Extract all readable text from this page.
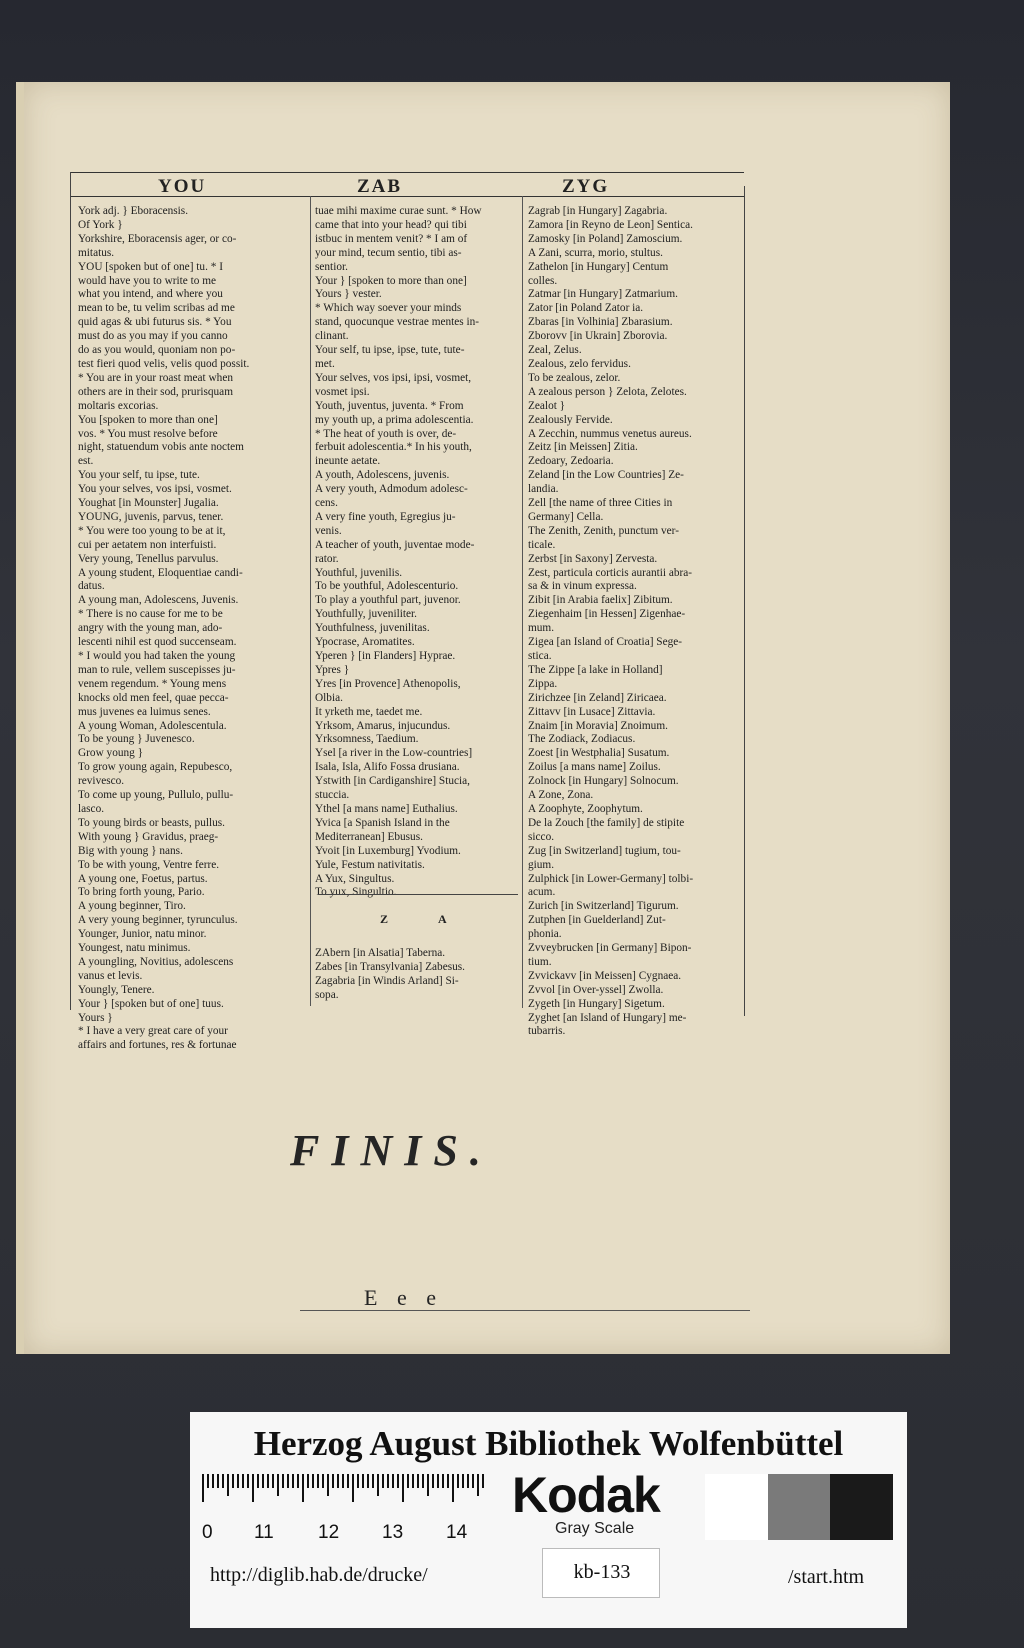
YOU	ZAB	ZYG
York adj. } Eboracensis.
Of York }
Yorkshire, Eboracensis ager, or co-
mitatus.
YOU [spoken but of one] tu. * I
would have you to write to me
what you intend, and where you
mean to be, tu velim scribas ad me
quid agas & ubi futurus sis. * You
must do as you may if you canno
do as you would, quoniam non po-
test fieri quod velis, velis quod possit.
* You are in your roast meat when
others are in their sod, prurisquam
moltaris excorias.
You [spoken to more than one]
vos. * You must resolve before
night, statuendum vobis ante noctem
est.
You your self, tu ipse, tute.
You your selves, vos ipsi, vosmet.
Youghat [in Mounster] Jugalia.
YOUNG, juvenis, parvus, tener.
* You were too young to be at it,
cui per aetatem non interfuisti.
Very young, Tenellus parvulus.
A young student, Eloquentiae candi-
datus.
A young man, Adolescens, Juvenis.
* There is no cause for me to be
angry with the young man, ado-
lescenti nihil est quod succenseam.
* I would you had taken the young
man to rule, vellem suscepisses ju-
venem regendum. * Young mens
knocks old men feel, quae pecca-
mus juvenes ea luimus senes.
A young Woman, Adolescentula.
To be young } Juvenesco.
Grow young }
To grow young again, Repubesco,
revivesco.
To come up young, Pullulo, pullu-
lasco.
To young birds or beasts, pullus.
With young } Gravidus, praeg-
Big with young } nans.
To be with young, Ventre ferre.
A young one, Foetus, partus.
To bring forth young, Pario.
A young beginner, Tiro.
A very young beginner, tyrunculus.
Younger, Junior, natu minor.
Youngest, natu minimus.
A youngling, Novitius, adolescens
vanus et levis.
Youngly, Tenere.
Your } [spoken but of one] tuus.
Yours }
* I have a very great care of your
affairs and fortunes, res & fortunae
tuae mihi maxime curae sunt. * How
came that into your head? qui tibi
istbuc in mentem venit? * I am of
your mind, tecum sentio, tibi as-
sentior.
Your } [spoken to more than one]
Yours } vester.
* Which way soever your minds
stand, quocunque vestrae mentes in-
clinant.
Your self, tu ipse, ipse, tute, tute-
met.
Your selves, vos ipsi, ipsi, vosmet,
vosmet ipsi.
Youth, juventus, juventa. * From
my youth up, a prima adolescentia.
* The heat of youth is over, de-
ferbuit adolescentia.* In his youth,
ineunte aetate.
A youth, Adolescens, juvenis.
A very youth, Admodum adolesc-
cens.
A very fine youth, Egregius ju-
venis.
A teacher of youth, juventae mode-
rator.
Youthful, juvenilis.
To be youthful, Adolescenturio.
To play a youthful part, juvenor.
Youthfully, juveniliter.
Youthfulness, juvenilitas.
Ypocrase, Aromatites.
Yperen } [in Flanders] Hyprae.
Ypres }
Yres [in Provence] Athenopolis,
Olbia.
It yrketh me, taedet me.
Yrksom, Amarus, injucundus.
Yrksomness, Taedium.
Ysel [a river in the Low-countries]
Isala, Isla, Alifo Fossa drusiana.
Ystwith [in Cardiganshire] Stucia,
stuccia.
Ythel [a mans name] Euthalius.
Yvica [a Spanish Island in the
Mediterranean] Ebusus.
Yvoit [in Luxemburg] Yvodium.
Yule, Festum nativitatis.
A Yux, Singultus.
To yux, Singultio.
Zagrab [in Hungary] Zagabria.
Zamora [in Reyno de Leon] Sentica.
Zamosky [in Poland] Zamoscium.
A Zani, scurra, morio, stultus.
Zathelon [in Hungary] Centum
colles.
Zatmar [in Hungary] Zatmarium.
Zator [in Poland Zator ia.
Zbaras [in Volhinia] Zbarasium.
Zborovv [in Ukrain] Zborovia.
Zeal, Zelus.
Zealous, zelo fervidus.
To be zealous, zelor.
A zealous person } Zelota, Zelotes.
Zealot }
Zealously Fervide.
A Zecchin, nummus venetus aureus.
Zeitz [in Meissen] Zitia.
Zedoary, Zedoaria.
Zeland [in the Low Countries] Ze-
landia.
Zell [the name of three Cities in
Germany] Cella.
The Zenith, Zenith, punctum ver-
ticale.
Zerbst [in Saxony] Zervesta.
Zest, particula corticis aurantii abra-
sa & in vinum expressa.
Zibit [in Arabia faelix] Zibitum.
Ziegenhaim [in Hessen] Zigenhae-
mum.
Zigea [an Island of Croatia] Sege-
stica.
The Zippe [a lake in Holland]
Zippa.
Zirichzee [in Zeland] Ziricaea.
Zittavv [in Lusace] Zittavia.
Znaim [in Moravia] Znoimum.
The Zodiack, Zodiacus.
Zoest [in Westphalia] Susatum.
Zoilus [a mans name] Zoilus.
Zolnock [in Hungary] Solnocum.
A Zone, Zona.
A Zoophyte, Zoophytum.
De la Zouch [the family] de stipite
sicco.
Zug [in Switzerland] tugium, tou-
gium.
Zulphick [in Lower-Germany] tolbi-
acum.
Zurich [in Switzerland] Tigurum.
Zutphen [in Guelderland] Zut-
phonia.
Zvveybrucken [in Germany] Bipon-
tium.
Zvvickavv [in Meissen] Cygnaea.
Zvvol [in Over-yssel] Zwolla.
Zygeth [in Hungary] Sigetum.
Zyghet [an Island of Hungary] me-
tubarris.
ZA
ZAbern [in Alsatia] Taberna.
Zabes [in Transylvania] Zabesus.
Zagabria [in Windis Arland] Si-
sopa.
FINIS.
E e e
Herzog August Bibliothek Wolfenbüttel
0 11 12 13 14
Kodak
Gray Scale
http://diglib.hab.de/drucke/	kb-133	/start.htm
